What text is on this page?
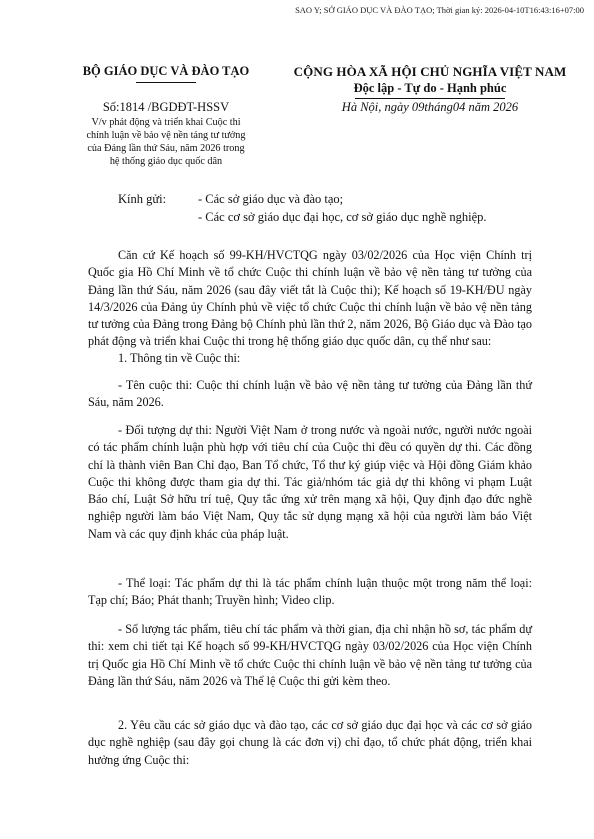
SAO Y; SỞ GIÁO DỤC VÀ ĐÀO TẠO; Thời gian ký: 2026-04-10T16:43:16+07:00
BỘ GIÁO DỤC VÀ ĐÀO TẠO	CỘNG HÒA XÃ HỘI CHỦ NGHĨA VIỆT NAM
Độc lập - Tự do - Hạnh phúc
Số:1814 /BGDĐT-HSSV
V/v phát động và triển khai Cuộc thi
chính luận về bảo vệ nền tảng tư tưởng
của Đảng lần thứ Sáu, năm 2026 trong
hệ thống giáo dục quốc dân
Hà Nội, ngày 09tháng04 năm 2026
Kính gửi:	- Các sở giáo dục và đào tạo;
- Các cơ sở giáo dục đại học, cơ sở giáo dục nghề nghiệp.

Căn cứ Kế hoạch số 99-KH/HVCTQG ngày 03/02/2026 của Học viện Chính trị Quốc gia Hồ Chí Minh về tổ chức Cuộc thi chính luận về bảo vệ nền tảng tư tưởng của Đảng lần thứ Sáu, năm 2026 (sau đây viết tắt là Cuộc thi); Kế hoạch số 19-KH/ĐU ngày 14/3/2026 của Đảng ủy Chính phủ về việc tổ chức Cuộc thi chính luận về bảo vệ nền tảng tư tưởng của Đảng trong Đảng bộ Chính phủ lần thứ 2, năm 2026, Bộ Giáo dục và Đào tạo phát động và triển khai Cuộc thi trong hệ thống giáo dục quốc dân, cụ thể như sau:

1. Thông tin về Cuộc thi:

- Tên cuộc thi: Cuộc thi chính luận về bảo vệ nền tảng tư tưởng của Đảng lần thứ Sáu, năm 2026.

- Đối tượng dự thi: Người Việt Nam ở trong nước và ngoài nước, người nước ngoài có tác phẩm chính luận phù hợp với tiêu chí của Cuộc thi đều có quyền dự thi. Các đồng chí là thành viên Ban Chỉ đạo, Ban Tổ chức, Tổ thư ký giúp việc và Hội đồng Giám khảo Cuộc thi không được tham gia dự thi. Tác giả/nhóm tác giả dự thi không vi phạm Luật Báo chí, Luật Sở hữu trí tuệ, Quy tắc ứng xử trên mạng xã hội, Quy định đạo đức nghề nghiệp người làm báo Việt Nam, Quy tắc sử dụng mạng xã hội của người làm báo Việt Nam và các quy định khác của pháp luật.

- Thể loại: Tác phẩm dự thi là tác phẩm chính luận thuộc một trong năm thể loại: Tạp chí; Báo; Phát thanh; Truyền hình; Video clip.

- Số lượng tác phẩm, tiêu chí tác phẩm và thời gian, địa chỉ nhận hồ sơ, tác phẩm dự thi: xem chi tiết tại Kế hoạch số 99-KH/HVCTQG ngày 03/02/2026 của Học viện Chính trị Quốc gia Hồ Chí Minh về tổ chức Cuộc thi chính luận về bảo vệ nền tảng tư tưởng của Đảng lần thứ Sáu, năm 2026 và Thể lệ Cuộc thi gửi kèm theo.

2. Yêu cầu các sở giáo dục và đào tạo, các cơ sở giáo dục đại học và các cơ sở giáo dục nghề nghiệp (sau đây gọi chung là các đơn vị) chỉ đạo, tổ chức phát động, triển khai hưởng ứng Cuộc thi:
